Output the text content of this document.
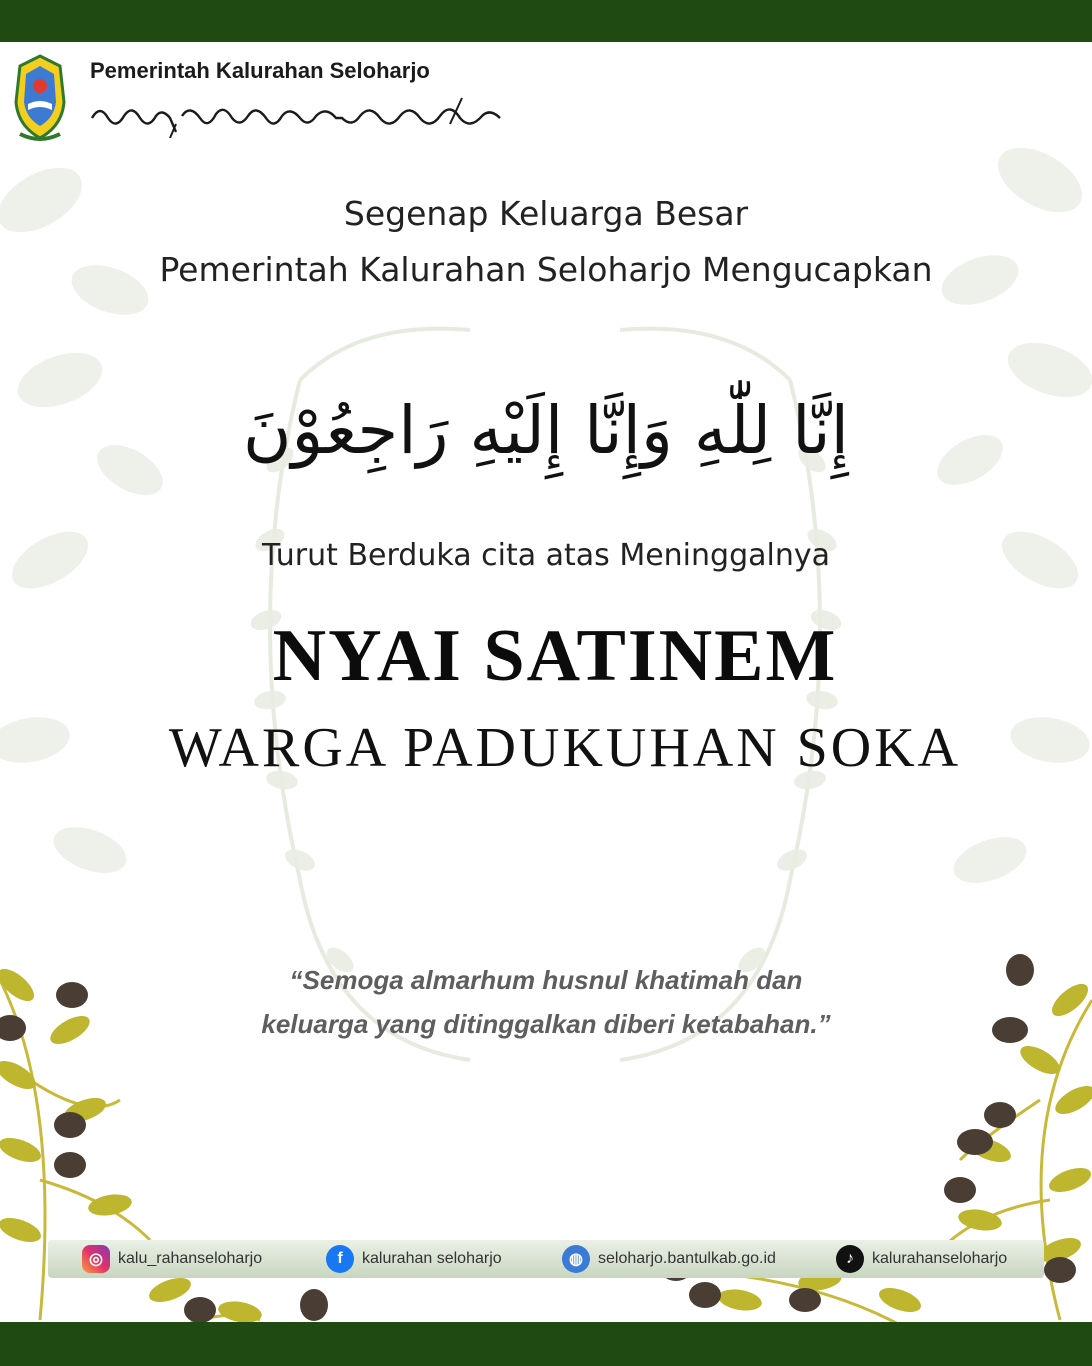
Pemerintah Kalurahan Seloharjo
Segenap Keluarga Besar
Pemerintah Kalurahan Seloharjo Mengucapkan
إِنَّا لِلّٰهِ وَإِنَّا إِلَيْهِ رَاجِعُوْنَ
Turut Berduka cita atas Meninggalnya
NYAI SATINEM
WARGA PADUKUHAN SOKA
“Semoga almarhum husnul khatimah dan
keluarga yang ditinggalkan diberi ketabahan.”
◎ kalu_rahanseloharjo	f	kalurahan seloharjo	◍ seloharjo.bantulkab.go.id	♪	kalurahanseloharjo
